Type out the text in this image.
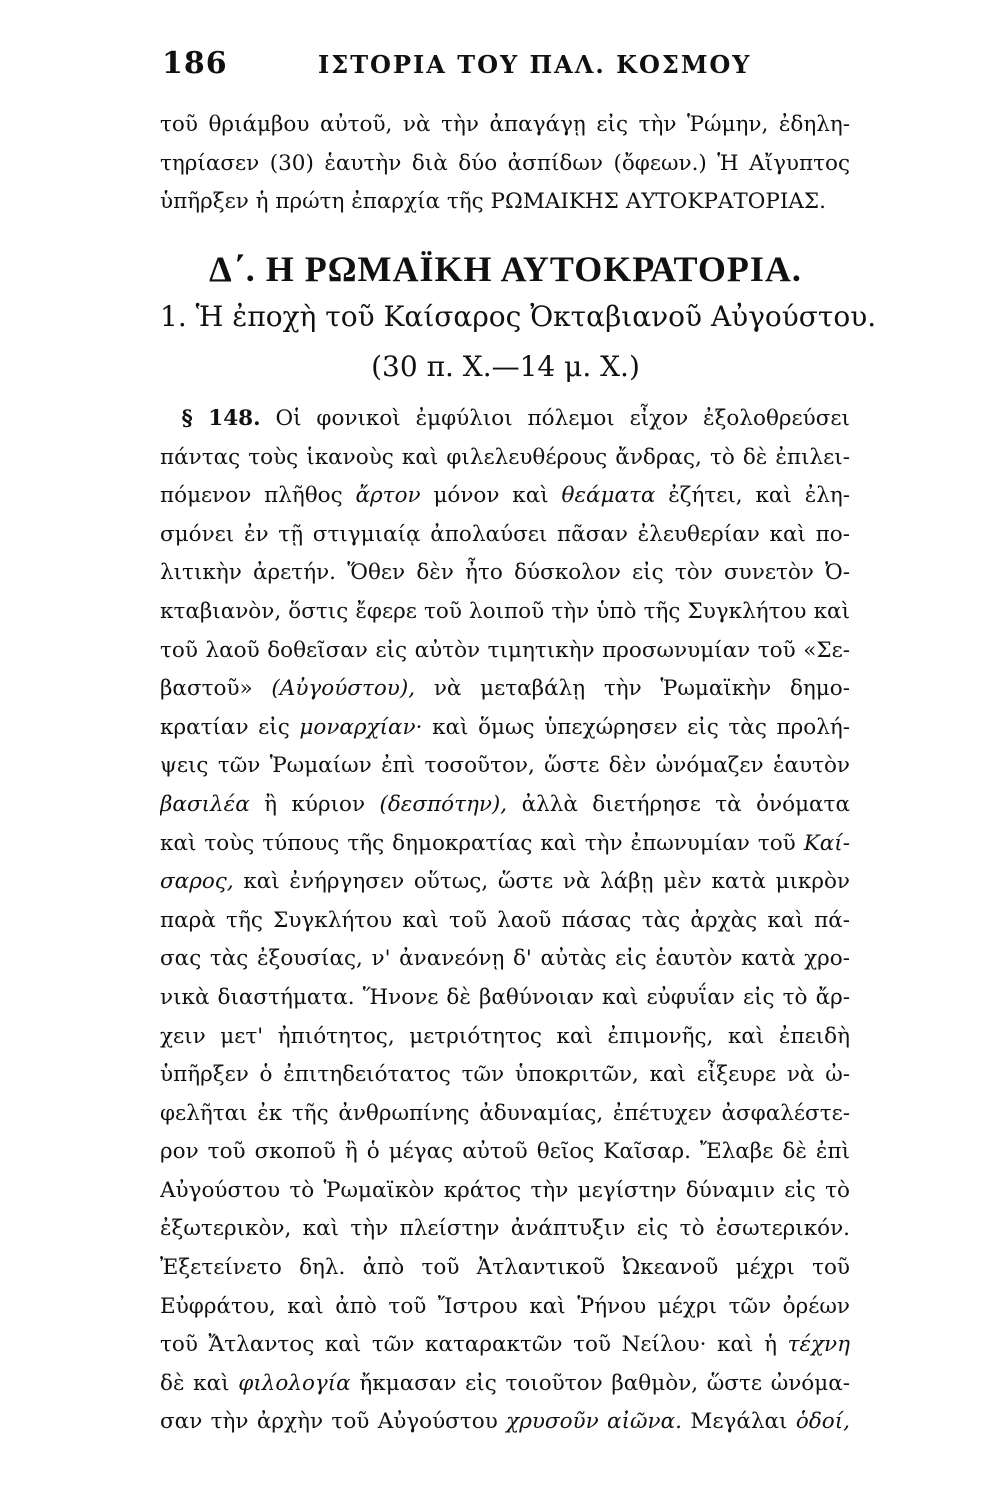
186	ΙΣΤΟΡΙΑ ΤΟΥ ΠΑΛ. ΚΟΣΜΟΥ
τοῦ θριάμβου αὐτοῦ, νὰ τὴν ἀπαγάγῃ εἰς τὴν Ῥώμην, ἐδηλη-
τηρίασεν (30) ἑαυτὴν διὰ δύο ἀσπίδων (ὄφεων.) Ἡ Αἴγυπτος
ὑπῆρξεν ἡ πρώτη ἐπαρχία τῆς ΡΩΜΑΙΚΗΣ ΑΥΤΟΚΡΑΤΟΡΙΑΣ.
Δ΄. Η ΡΩΜΑΪΚΗ ΑΥΤΟΚΡΑΤΟΡΙΑ.
1. Ἡ ἐποχὴ τοῦ Καίσαρος Ὀκταβιανοῦ Αὐγούστου.
(30 π. Χ.—14 μ. Χ.)
 § 148. Οἱ φονικοὶ ἐμφύλιοι πόλεμοι εἶχον ἐξολοθρεύσει
πάντας τοὺς ἱκανοὺς καὶ φιλελευθέρους ἄνδρας, τὸ δὲ ἐπιλει-
πόμενον πλῆθος ἄρτον μόνον καὶ θεάματα ἐζήτει, καὶ ἐλη-
σμόνει ἐν τῇ στιγμιαίᾳ ἀπολαύσει πᾶσαν ἐλευθερίαν καὶ πο-
λιτικὴν ἀρετήν. Ὅθεν δὲν ἦτο δύσκολον εἰς τὸν συνετὸν Ὀ-
κταβιανὸν, ὅστις ἔφερε τοῦ λοιποῦ τὴν ὑπὸ τῆς Συγκλήτου καὶ
τοῦ λαοῦ δοθεῖσαν εἰς αὐτὸν τιμητικὴν προσωνυμίαν τοῦ «Σε-
βαστοῦ» (Αὐγούστου), νὰ μεταβάλῃ τὴν Ῥωμαϊκὴν δημο-
κρατίαν εἰς μοναρχίαν· καὶ ὅμως ὑπεχώρησεν εἰς τὰς προλή-
ψεις τῶν Ῥωμαίων ἐπὶ τοσοῦτον, ὥστε δὲν ὠνόμαζεν ἑαυτὸν
βασιλέα ἢ κύριον (δεσπότην), ἀλλὰ διετήρησε τὰ ὀνόματα
καὶ τοὺς τύπους τῆς δημοκρατίας καὶ τὴν ἐπωνυμίαν τοῦ Καί-
σαρος, καὶ ἐνήργησεν οὕτως, ὥστε νὰ λάβῃ μὲν κατὰ μικρὸν
παρὰ τῆς Συγκλήτου καὶ τοῦ λαοῦ πάσας τὰς ἀρχὰς καὶ πά-
σας τὰς ἐξουσίας, ν' ἀνανεόνῃ δ' αὐτὰς εἰς ἑαυτὸν κατὰ χρο-
νικὰ διαστήματα. Ἥνονε δὲ βαθύνοιαν καὶ εὐφυΐαν εἰς τὸ ἄρ-
χειν μετ' ἠπιότητος, μετριότητος καὶ ἐπιμονῆς, καὶ ἐπειδὴ
ὑπῆρξεν ὁ ἐπιτηδειότατος τῶν ὑποκριτῶν, καὶ εἶξευρε νὰ ὠ-
φελῆται ἐκ τῆς ἀνθρωπίνης ἀδυναμίας, ἐπέτυχεν ἀσφαλέστε-
ρον τοῦ σκοποῦ ἢ ὁ μέγας αὐτοῦ θεῖος Καῖσαρ. Ἔλαβε δὲ ἐπὶ
Αὐγούστου τὸ Ῥωμαϊκὸν κράτος τὴν μεγίστην δύναμιν εἰς τὸ
ἐξωτερικὸν, καὶ τὴν πλείστην ἀνάπτυξιν εἰς τὸ ἐσωτερικόν.
Ἐξετείνετο δηλ. ἀπὸ τοῦ Ἀτλαντικοῦ Ὠκεανοῦ μέχρι τοῦ
Εὐφράτου, καὶ ἀπὸ τοῦ Ἴστρου καὶ Ῥήνου μέχρι τῶν ὀρέων
τοῦ Ἄτλαντος καὶ τῶν καταρακτῶν τοῦ Νείλου· καὶ ἡ τέχνη
δὲ καὶ φιλολογία ἤκμασαν εἰς τοιοῦτον βαθμὸν, ὥστε ὠνόμα-
σαν τὴν ἀρχὴν τοῦ Αὐγούστου χρυσοῦν αἰῶνα. Μεγάλαι ὁδοί,
